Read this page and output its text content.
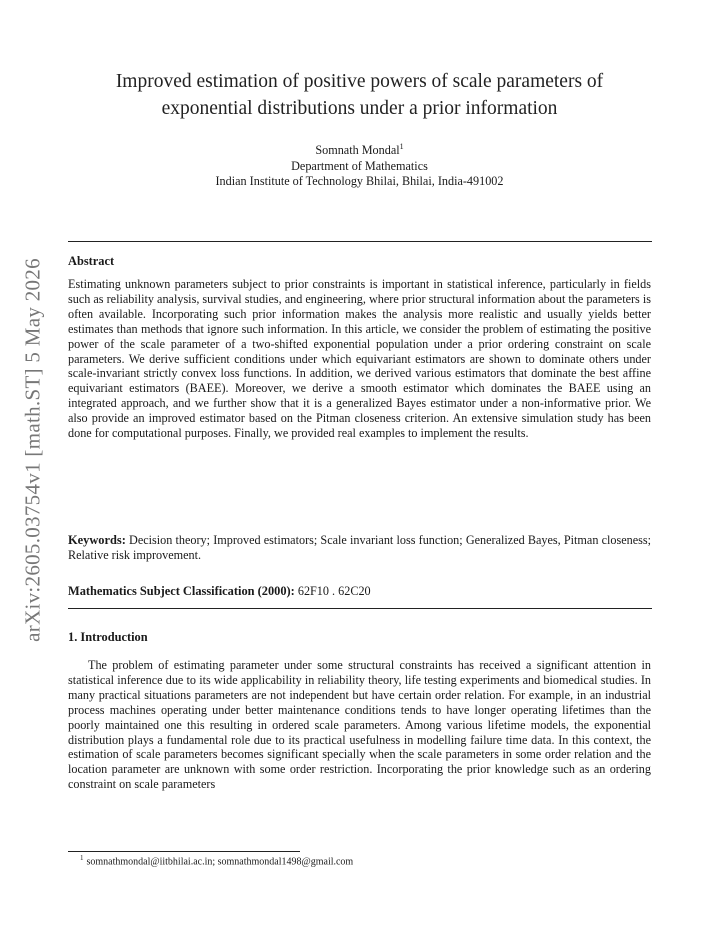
arXiv:2605.03754v1 [math.ST] 5 May 2026
Improved estimation of positive powers of scale parameters of
exponential distributions under a prior information
Somnath Mondal$^1$
Department of Mathematics
Indian Institute of Technology Bhilai, Bhilai, India-491002
Abstract
Estimating unknown parameters subject to prior constraints is important in statistical inference, particularly in fields such as reliability analysis, survival studies, and engineering, where prior structural information about the parameters is often available. Incorporating such prior information makes the analysis more realistic and usually yields better estimates than methods that ignore such information. In this article, we consider the problem of estimating the positive power of the scale parameter of a two-shifted exponential population under a prior ordering constraint on scale parameters. We derive sufficient conditions under which equivariant estimators are shown to dominate others under scale-invariant strictly convex loss functions. In addition, we derived various estimators that dominate the best affine equivariant estimators (BAEE). Moreover, we derive a smooth estimator which dominates the BAEE using an integrated approach, and we further show that it is a generalized Bayes estimator under a non-informative prior. We also provide an improved estimator based on the Pitman closeness criterion. An extensive simulation study has been done for computational purposes. Finally, we provided real examples to implement the results.
Keywords: Decision theory; Improved estimators; Scale invariant loss function; Generalized Bayes, Pitman closeness; Relative risk improvement.
Mathematics Subject Classification (2000): 62F10 . 62C20
1. Introduction
The problem of estimating parameter under some structural constraints has received a significant attention in statistical inference due to its wide applicability in reliability theory, life testing experiments and biomedical studies. In many practical situations parameters are not independent but have certain order relation. For example, in an industrial process machines operating under better maintenance conditions tends to have longer operating lifetimes than the poorly maintained one this resulting in ordered scale parameters. Among various lifetime models, the exponential distribution plays a fundamental role due to its practical usefulness in modelling failure time data. In this context, the estimation of scale parameters becomes significant specially when the scale parameters in some order relation and the location parameter are unknown with some order restriction. Incorporating the prior knowledge such as an ordering constraint on scale parameters
$^1$ somnathmondal@iitbhilai.ac.in; somnathmondal1498@gmail.com
